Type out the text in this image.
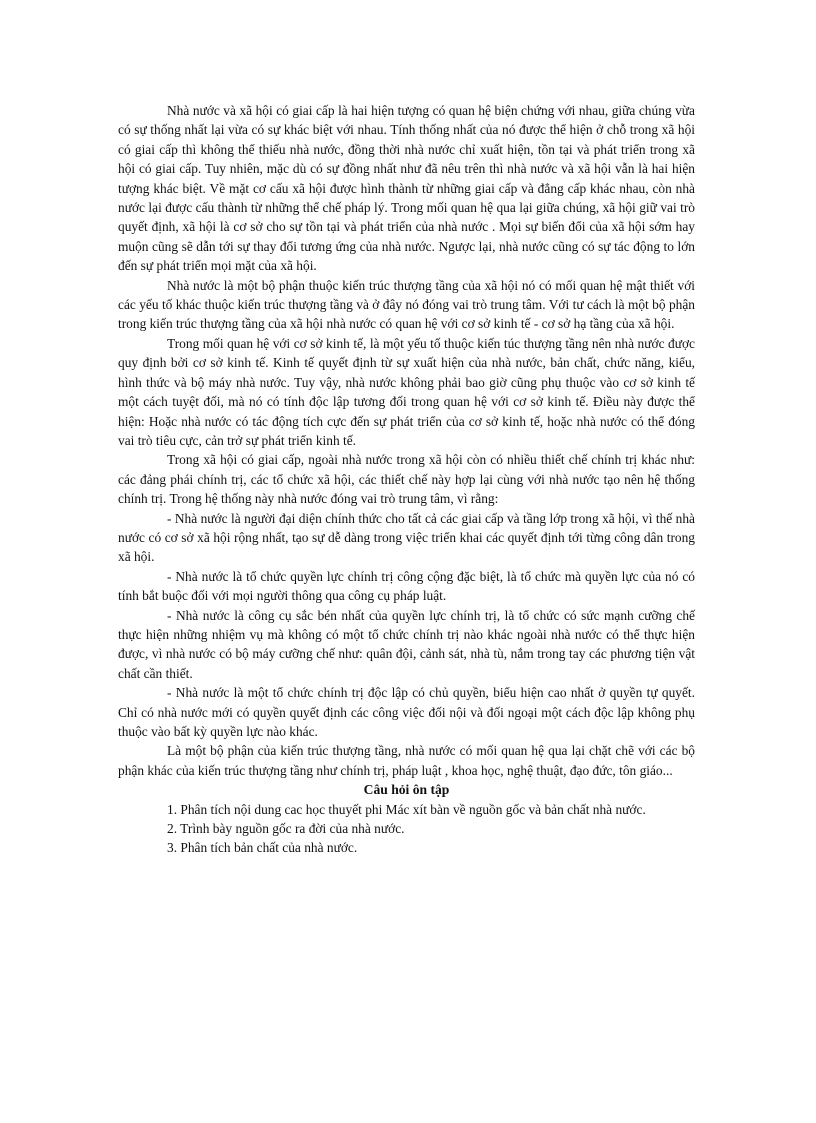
Nhà nước và xã hội có giai cấp là hai hiện tượng có quan hệ biện chứng với nhau, giữa chúng vừa có sự thống nhất lại vừa có sự khác biệt với nhau. Tính thống nhất của nó được thể hiện ở chỗ trong xã hội có giai cấp thì không thể thiếu nhà nước, đồng thời nhà nước chỉ xuất hiện, tồn tại và phát triển trong xã hội có giai cấp. Tuy nhiên, mặc dù có sự đồng nhất như đã nêu trên thì nhà nước và xã hội vẫn là hai hiện tượng khác biệt. Về mặt cơ cấu xã hội được hình thành từ những giai cấp và đẳng cấp khác nhau, còn nhà nước lại được cấu thành từ những thể chế pháp lý. Trong mối quan hệ qua lại giữa chúng, xã hội giữ vai trò quyết định, xã hội là cơ sở cho sự tồn tại và phát triển của nhà nước . Mọi sự biến đổi của xã hội sớm hay muộn cũng sẽ dẫn tới sự thay đổi tương ứng của nhà nước. Ngược lại, nhà nước cũng có sự tác động to lớn đến sự phát triển mọi mặt của xã hội.

Nhà nước là một bộ phận thuộc kiến trúc thượng tầng của xã hội nó có mối quan hệ mật thiết với các yếu tố khác thuộc kiến trúc thượng tầng và ở đây nó đóng vai trò trung tâm. Với tư cách là một bộ phận trong kiến trúc thượng tầng của xã hội nhà nước có quan hệ với cơ sở kinh tế - cơ sở hạ tầng của xã hội.

Trong mối quan hệ với cơ sở kinh tế, là một yếu tố thuộc kiến túc thượng tầng nên nhà nước được quy định bởi cơ sở kinh tế. Kinh tế quyết định từ sự xuất hiện của nhà nước, bản chất, chức năng, kiểu, hình thức và bộ máy nhà nước. Tuy vậy, nhà nước không phải bao giờ cũng phụ thuộc vào cơ sở kinh tế một cách tuyệt đối, mà nó có tính độc lập tương đối trong quan hệ với cơ sở kinh tế. Điều này được thể hiện: Hoặc nhà nước có tác động tích cực đến sự phát triển của cơ sở kinh tế, hoặc nhà nước có thể đóng vai trò tiêu cực, cản trở sự phát triển kinh tế.

Trong xã hội có giai cấp, ngoài nhà nước trong xã hội còn có nhiều thiết chế chính trị khác như: các đảng phái chính trị, các tổ chức xã hội, các thiết chế này hợp lại cùng với nhà nước tạo nên hệ thống chính trị. Trong hệ thống này nhà nước đóng vai trò trung tâm, vì rằng:

- Nhà nước là người đại diện chính thức cho tất cả các giai cấp và tầng lớp trong xã hội, vì thế nhà nước có cơ sở xã hội rộng nhất, tạo sự dễ dàng trong việc triển khai các quyết định tới từng công dân trong xã hội.

- Nhà nước là tổ chức quyền lực chính trị công cộng đặc biệt, là tổ chức mà quyền lực của nó có tính bắt buộc đối với mọi người thông qua công cụ pháp luật.

- Nhà nước là công cụ sắc bén nhất của quyền lực chính trị, là tổ chức có sức mạnh cưỡng chế thực hiện những nhiệm vụ mà không có một tổ chức chính trị nào khác ngoài nhà nước có thể thực hiện được, vì nhà nước có bộ máy cưỡng chế như: quân đội, cảnh sát, nhà tù, nắm trong tay các phương tiện vật chất cần thiết.

- Nhà nước là một tổ chức chính trị độc lập có chủ quyền, biểu hiện cao nhất ở quyền tự quyết. Chỉ có nhà nước mới có quyền quyết định các công việc đối nội và đối ngoại một cách độc lập không phụ thuộc vào bất kỳ quyền lực nào khác.

Là một bộ phận của kiến trúc thượng tầng, nhà nước có mối quan hệ qua lại chặt chẽ với các bộ phận khác của kiến trúc thượng tầng như chính trị, pháp luật , khoa học, nghệ thuật, đạo đức, tôn giáo...

Câu hỏi ôn tập

1. Phân tích nội dung cac học thuyết phi Mác xít bàn về nguồn gốc và bản chất nhà nước.

2. Trình bày nguồn gốc ra đời của nhà nước.

3. Phân tích bản chất của nhà nước.
